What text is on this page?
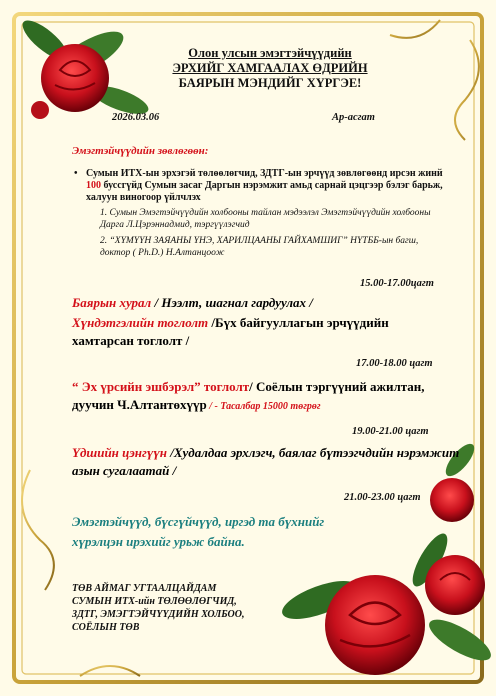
Олон улсын эмэгтэйчүүдийн
ЭРХИЙГ ХАМГААЛАХ ӨДРИЙН
БАЯРЫН МЭНДИЙГ ХҮРГЭЕ!
2026.03.06	Ар-асгат
Эмэгтэйчүүдийн зөвлөгөөн:
• Сумын ИТХ-ын эрхэгэй төлөөлөгчид, ЗДТГ-ын эрчүүд зөвлөгөөнд ирсэн жинй 100 буссгүйд Сумын засаг Даргын нэрэмжит амьд сарнай цэцгээр бэлэг барьж, халуун виногоор үйлчлэх
1. Сумын Эмэгтэйчүүдийн холбооны тайлан мэдээлэл Эмэгтэйчүүдийн холбооны Дарга Л.Цэрэннадмид, тэргүүлэгчид
2. “ХҮМҮҮН ЗАЯАНЫ ҮНЭ, ХАРИЛЦААНЫ ГАЙХАМШИГ” НҮТББ-ын багш, доктор ( Ph.D.) Н.Алтанцоож
15.00-17.00цагт
Баярын хурал / Нээлт, шагнал гардуулах /
Хүндэтгэлийн тоглолт /Бүх байгууллагын эрчүүдийн хамтарсан тоглолт /
17.00-18.00 цагт
“ Эх үрсийн эшбэрэл” тоглолт/ Соёлын тэргүүний ажилтан, дуучин Ч.Алтантөхүүр / - Тасалбар 15000 төгрөг
19.00-21.00 цагт
Үдшийн цэнгүүн /Худалдаа эрхлэгч, баялаг бүтээгчдийн нэрэмжит азын сугалаатай /
21.00-23.00 цагт
Эмэгтэйчүүд, бүсгүйчүүд, иргэд та бүхнийг хүрэлцэн ирэхийг урьж байна.
ТӨВ АЙМАГ УГТААЛЦАЙДАМ
СУМЫН ИТХ-ийн ТӨЛӨӨЛӨГЧИД,
ЗДТГ, ЭМЭГТЭЙЧҮҮДИЙН ХОЛБОО,
СОЁЛЫН ТӨВ
